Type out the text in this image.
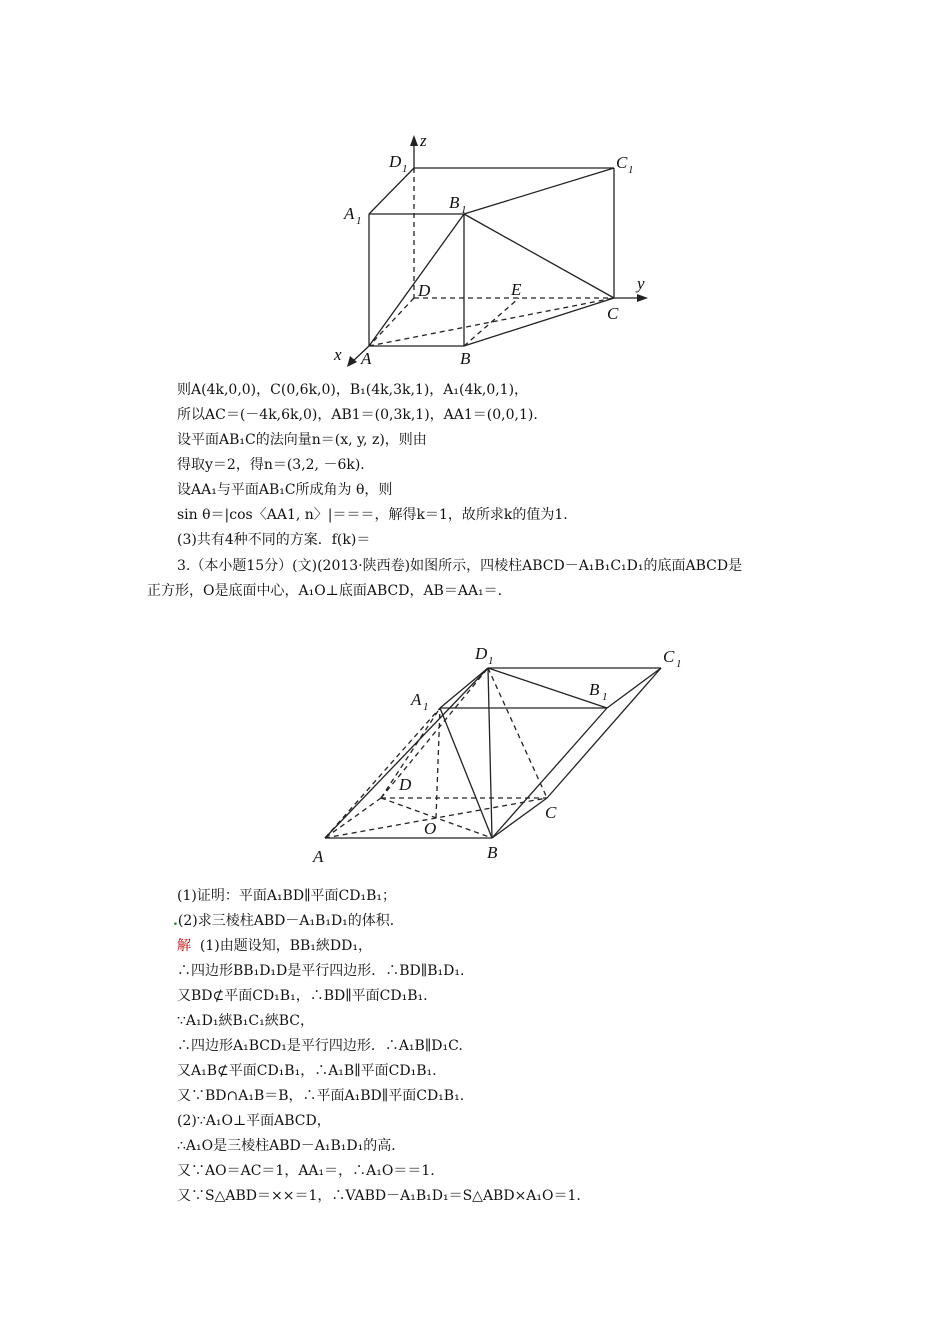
z
y
x
D 1	C 1
A 1
B 1
D	E
C
A	B
则A(4k,0,0)，C(0,6k,0)，B₁(4k,3k,1)，A₁(4k,0,1)，
所以AC＝(－4k,6k,0)，AB1＝(0,3k,1)，AA1＝(0,0,1).
设平面AB₁C的法向量n＝(x, y, z)，则由
得取y＝2，得n＝(3,2, －6k).
设AA₁与平面AB₁C所成角为 θ，则
sin θ＝|cos〈AA1, n〉|＝＝＝，解得k＝1，故所求k的值为1.
(3)共有4种不同的方案．f(k)＝
3.（本小题15分）(文)(2013·陕西卷)如图所示，四棱柱ABCD－A₁B₁C₁D₁的底面ABCD是
正方形，O是底面中心，A₁O⊥底面ABCD，AB＝AA₁＝.
D 1	C 1
A 1
B 1
D
O
C
A	B
(1)证明：平面A₁BD∥平面CD₁B₁；
.(2)求三棱柱ABD－A₁B₁D₁的体积．
解  (1)由题设知，BB₁綊DD₁，
∴四边形BB₁D₁D是平行四边形．∴BD∥B₁D₁.
又BD⊄平面CD₁B₁，∴BD∥平面CD₁B₁.
∵A₁D₁綊B₁C₁綊BC，
∴四边形A₁BCD₁是平行四边形．∴A₁B∥D₁C.
又A₁B⊄平面CD₁B₁，∴A₁B∥平面CD₁B₁.
又∵BD∩A₁B＝B，∴平面A₁BD∥平面CD₁B₁.
(2)∵A₁O⊥平面ABCD，
∴A₁O是三棱柱ABD－A₁B₁D₁的高．
又∵AO＝AC＝1，AA₁＝，∴A₁O＝＝1.
又∵S△ABD＝××＝1，∴VABD－A₁B₁D₁＝S△ABD×A₁O＝1.
